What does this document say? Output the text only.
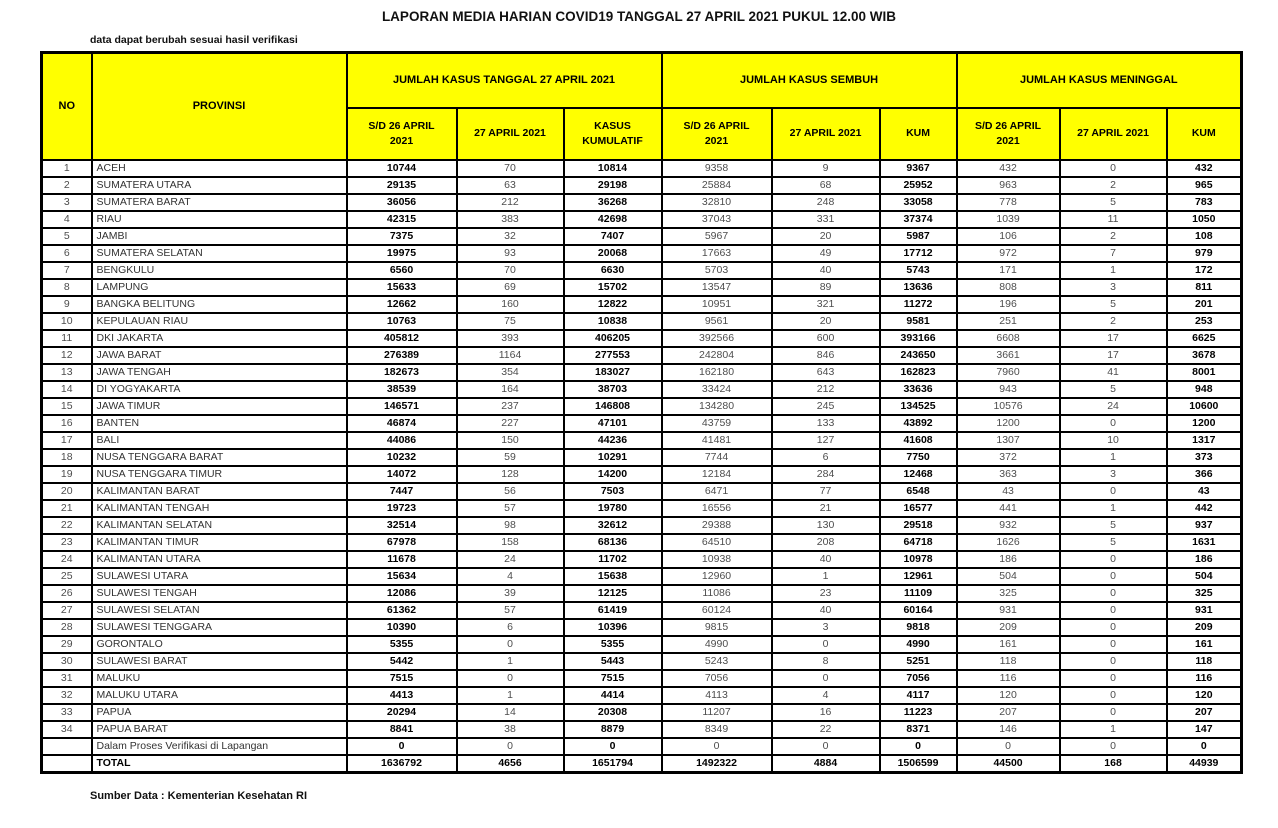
LAPORAN MEDIA HARIAN COVID19 TANGGAL 27 APRIL 2021 PUKUL 12.00 WIB
data dapat berubah sesuai hasil verifikasi
NO	PROVINSI	JUMLAH KASUS TANGGAL 27 APRIL 2021			JUMLAH KASUS SEMBUH			JUMLAH KASUS MENINGGAL		
		S/D 26 APRIL 2021	27 APRIL 2021	KASUS KUMULATIF	S/D 26 APRIL 2021	27 APRIL 2021	KUM	S/D 26 APRIL 2021	27 APRIL 2021	KUM
1	ACEH	10744	70	10814	9358	9	9367	432	0	432
2	SUMATERA UTARA	29135	63	29198	25884	68	25952	963	2	965
3	SUMATERA BARAT	36056	212	36268	32810	248	33058	778	5	783
4	RIAU	42315	383	42698	37043	331	37374	1039	11	1050
5	JAMBI	7375	32	7407	5967	20	5987	106	2	108
6	SUMATERA SELATAN	19975	93	20068	17663	49	17712	972	7	979
7	BENGKULU	6560	70	6630	5703	40	5743	171	1	172
8	LAMPUNG	15633	69	15702	13547	89	13636	808	3	811
9	BANGKA BELITUNG	12662	160	12822	10951	321	11272	196	5	201
10	KEPULAUAN RIAU	10763	75	10838	9561	20	9581	251	2	253
11	DKI JAKARTA	405812	393	406205	392566	600	393166	6608	17	6625
12	JAWA BARAT	276389	1164	277553	242804	846	243650	3661	17	3678
13	JAWA TENGAH	182673	354	183027	162180	643	162823	7960	41	8001
14	DI YOGYAKARTA	38539	164	38703	33424	212	33636	943	5	948
15	JAWA TIMUR	146571	237	146808	134280	245	134525	10576	24	10600
16	BANTEN	46874	227	47101	43759	133	43892	1200	0	1200
17	BALI	44086	150	44236	41481	127	41608	1307	10	1317
18	NUSA TENGGARA BARAT	10232	59	10291	7744	6	7750	372	1	373
19	NUSA TENGGARA TIMUR	14072	128	14200	12184	284	12468	363	3	366
20	KALIMANTAN BARAT	7447	56	7503	6471	77	6548	43	0	43
21	KALIMANTAN TENGAH	19723	57	19780	16556	21	16577	441	1	442
22	KALIMANTAN SELATAN	32514	98	32612	29388	130	29518	932	5	937
23	KALIMANTAN TIMUR	67978	158	68136	64510	208	64718	1626	5	1631
24	KALIMANTAN UTARA	11678	24	11702	10938	40	10978	186	0	186
25	SULAWESI UTARA	15634	4	15638	12960	1	12961	504	0	504
26	SULAWESI TENGAH	12086	39	12125	11086	23	11109	325	0	325
27	SULAWESI SELATAN	61362	57	61419	60124	40	60164	931	0	931
28	SULAWESI TENGGARA	10390	6	10396	9815	3	9818	209	0	209
29	GORONTALO	5355	0	5355	4990	0	4990	161	0	161
30	SULAWESI BARAT	5442	1	5443	5243	8	5251	118	0	118
31	MALUKU	7515	0	7515	7056	0	7056	116	0	116
32	MALUKU UTARA	4413	1	4414	4113	4	4117	120	0	120
33	PAPUA	20294	14	20308	11207	16	11223	207	0	207
34	PAPUA BARAT	8841	38	8879	8349	22	8371	146	1	147
	Dalam Proses Verifikasi di Lapangan	0	0	0	0	0	0	0	0	0
	TOTAL	1636792	4656	1651794	1492322	4884	1506599	44500	168	44939
Sumber Data : Kementerian Kesehatan RI
